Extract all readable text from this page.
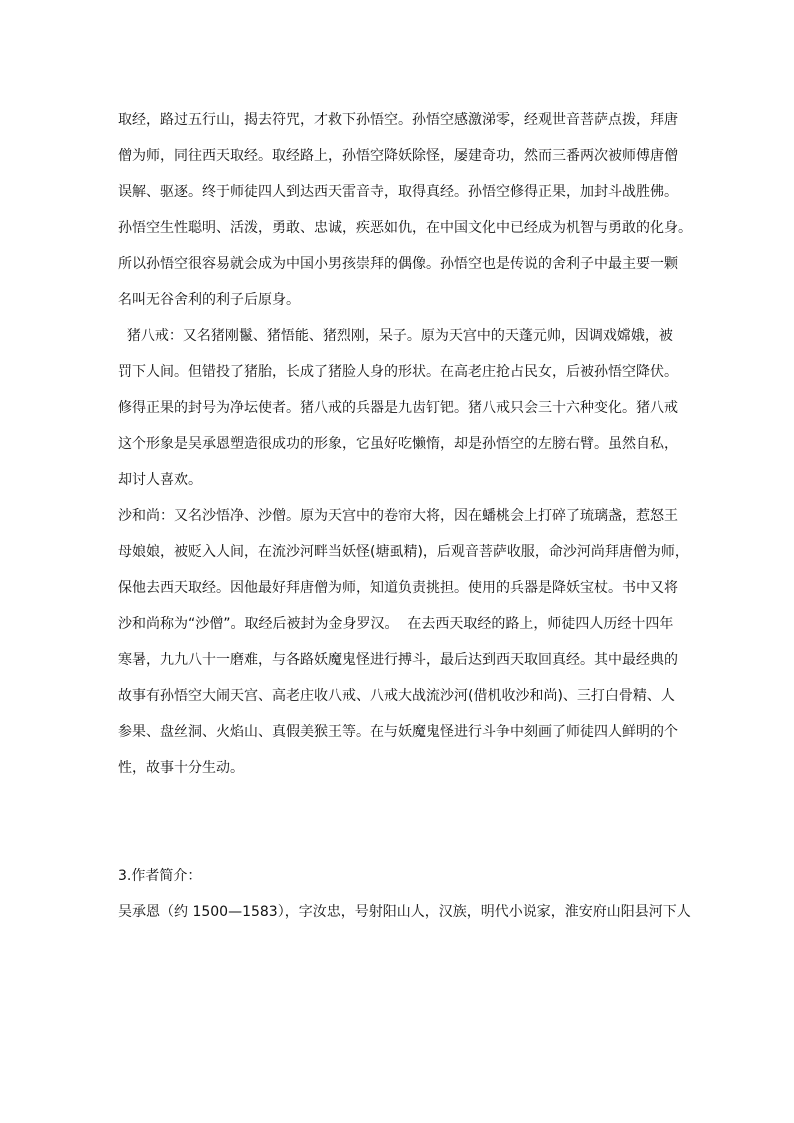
取经，路过五行山，揭去符咒，才救下孙悟空。孙悟空感激涕零，经观世音菩萨点拨，拜唐
僧为师，同往西天取经。取经路上，孙悟空降妖除怪，屡建奇功，然而三番两次被师傅唐僧
误解、驱逐。终于师徒四人到达西天雷音寺，取得真经。孙悟空修得正果，加封斗战胜佛。
孙悟空生性聪明、活泼，勇敢、忠诚，疾恶如仇，在中国文化中已经成为机智与勇敢的化身。
所以孙悟空很容易就会成为中国小男孩崇拜的偶像。孙悟空也是传说的舍利子中最主要一颗
名叫无谷舍利的利子后原身。
猪八戒：又名猪刚鬣、猪悟能、猪烈刚，呆子。原为天宫中的天蓬元帅，因调戏嫦娥，被
罚下人间。但错投了猪胎，长成了猪脸人身的形状。在高老庄抢占民女，后被孙悟空降伏。
修得正果的封号为净坛使者。猪八戒的兵器是九齿钉钯。猪八戒只会三十六种变化。猪八戒
这个形象是吴承恩塑造很成功的形象，它虽好吃懒惰，却是孙悟空的左膀右臂。虽然自私，
却讨人喜欢。
沙和尚：又名沙悟净、沙僧。原为天宫中的卷帘大将，因在蟠桃会上打碎了琉璃盏，惹怒王
母娘娘，被贬入人间，在流沙河畔当妖怪(塘虱精)，后观音菩萨收服，命沙河尚拜唐僧为师，
保他去西天取经。因他最好拜唐僧为师，知道负责挑担。使用的兵器是降妖宝杖。书中又将
沙和尚称为“沙僧”。取经后被封为金身罗汉。  在去西天取经的路上，师徒四人历经十四年
寒暑，九九八十一磨难，与各路妖魔鬼怪进行搏斗，最后达到西天取回真经。其中最经典的
故事有孙悟空大闹天宫、高老庄收八戒、八戒大战流沙河(借机收沙和尚)、三打白骨精、人
参果、盘丝洞、火焰山、真假美猴王等。在与妖魔鬼怪进行斗争中刻画了师徒四人鲜明的个
性，故事十分生动。
3.作者简介：
吴承恩（约 1500—1583），字汝忠，号射阳山人，汉族，明代小说家，淮安府山阳县河下人
